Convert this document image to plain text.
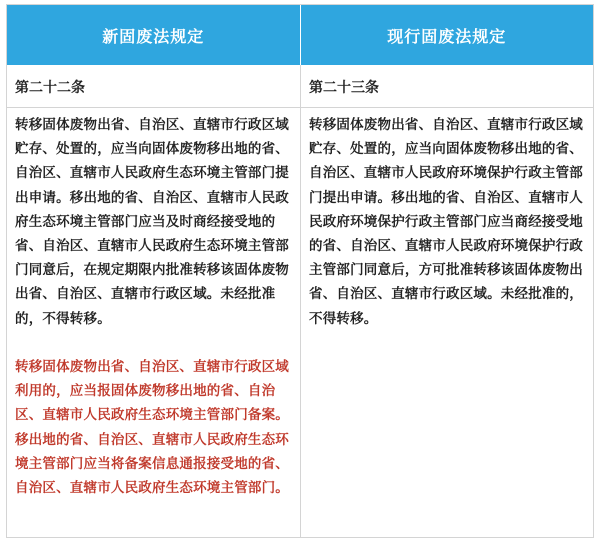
新固废法规定	现行固废法规定
第二十二条
转移固体废物出省、自治区、直辖市行政区域贮存、处置的，应当向固体废物移出地的省、自治区、直辖市人民政府生态环境主管部门提出申请。移出地的省、自治区、直辖市人民政府生态环境主管部门应当及时商经接受地的省、自治区、直辖市人民政府生态环境主管部门同意后，在规定期限内批准转移该固体废物出省、自治区、直辖市行政区域。未经批准的，不得转移。
转移固体废物出省、自治区、直辖市行政区域利用的，应当报固体废物移出地的省、自治区、直辖市人民政府生态环境主管部门备案。移出地的省、自治区、直辖市人民政府生态环境主管部门应当将备案信息通报接受地的省、自治区、直辖市人民政府生态环境主管部门。
第二十三条
转移固体废物出省、自治区、直辖市行政区域贮存、处置的，应当向固体废物移出地的省、自治区、直辖市人民政府环境保护行政主管部门提出申请。移出地的省、自治区、直辖市人民政府环境保护行政主管部门应当商经接受地的省、自治区、直辖市人民政府环境保护行政主管部门同意后，方可批准转移该固体废物出省、自治区、直辖市行政区域。未经批准的，不得转移。
